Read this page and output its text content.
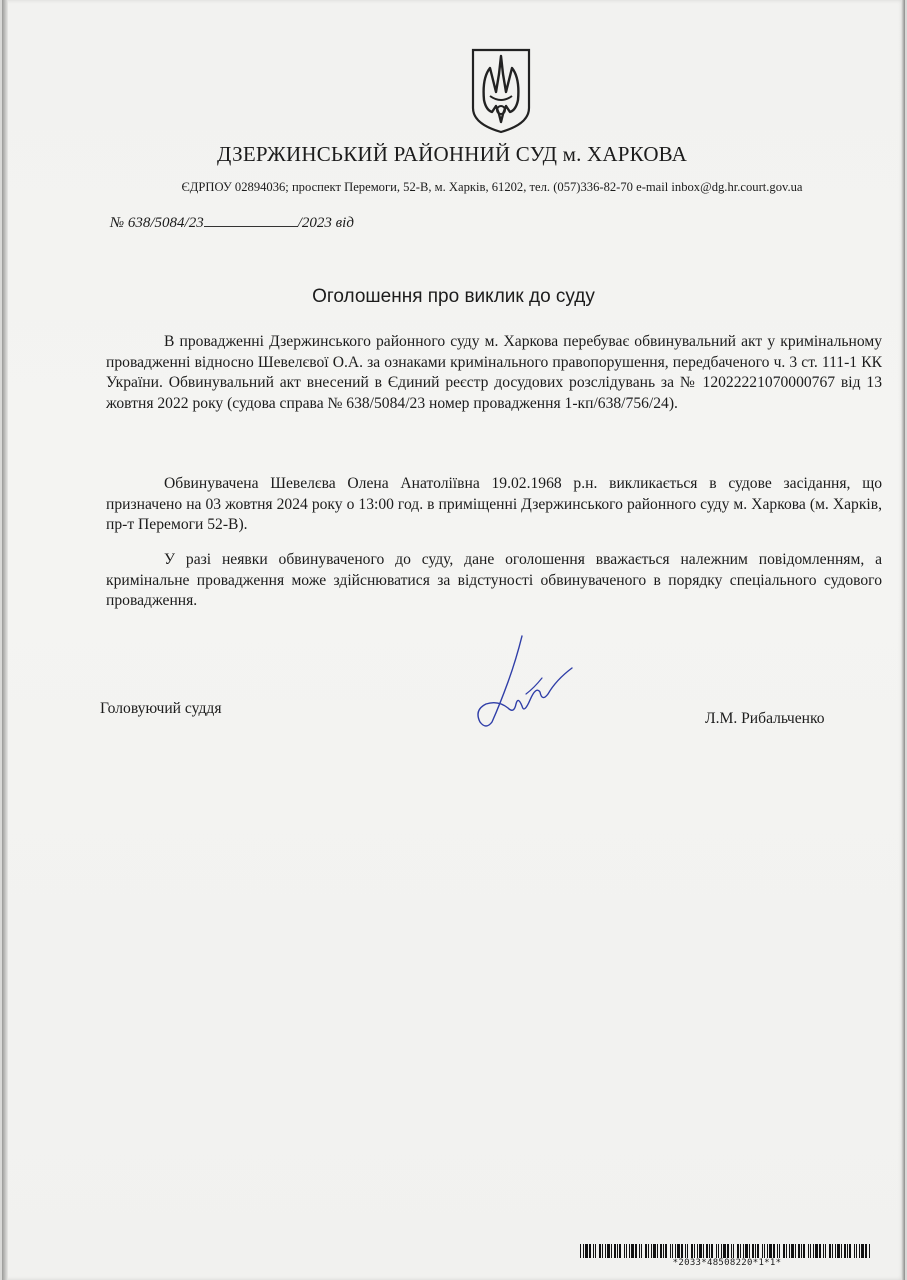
ДЗЕРЖИНСЬКИЙ РАЙОННИЙ СУД м. ХАРКОВА
ЄДРПОУ 02894036; проспект Перемоги, 52-В, м. Харків, 61202, тел. (057)336-82-70 e-mail inbox@dg.hr.court.gov.ua
№ 638/5084/23	/2023 від
Оголошення про виклик до суду
В провадженні Дзержинського районного суду м. Харкова перебуває обвинувальний акт у кримінальному провадженні відносно Шевелєвої О.А. за ознаками кримінального правопорушення, передбаченого ч. 3 ст. 111-1 КК України. Обвинувальний акт внесений в Єдиний реєстр досудових розслідувань за № 12022221070000767 від 13 жовтня 2022 року (судова справа № 638/5084/23 номер провадження 1-кп/638/756/24).
Обвинувачена Шевелєва Олена Анатоліївна 19.02.1968 р.н. викликається в судове засідання, що призначено на 03 жовтня 2024 року о 13:00 год. в приміщенні Дзержинського районного суду м. Харкова (м. Харків, пр-т Перемоги 52-В).
У разі неявки обвинуваченого до суду, дане оголошення вважається належним повідомленням, а кримінальне провадження може здійснюватися за відстуності обвинуваченого в порядку спеціального судового провадження.
Головуючий суддя
Л.М. Рибальченко
*2033*48508220*1*1*
